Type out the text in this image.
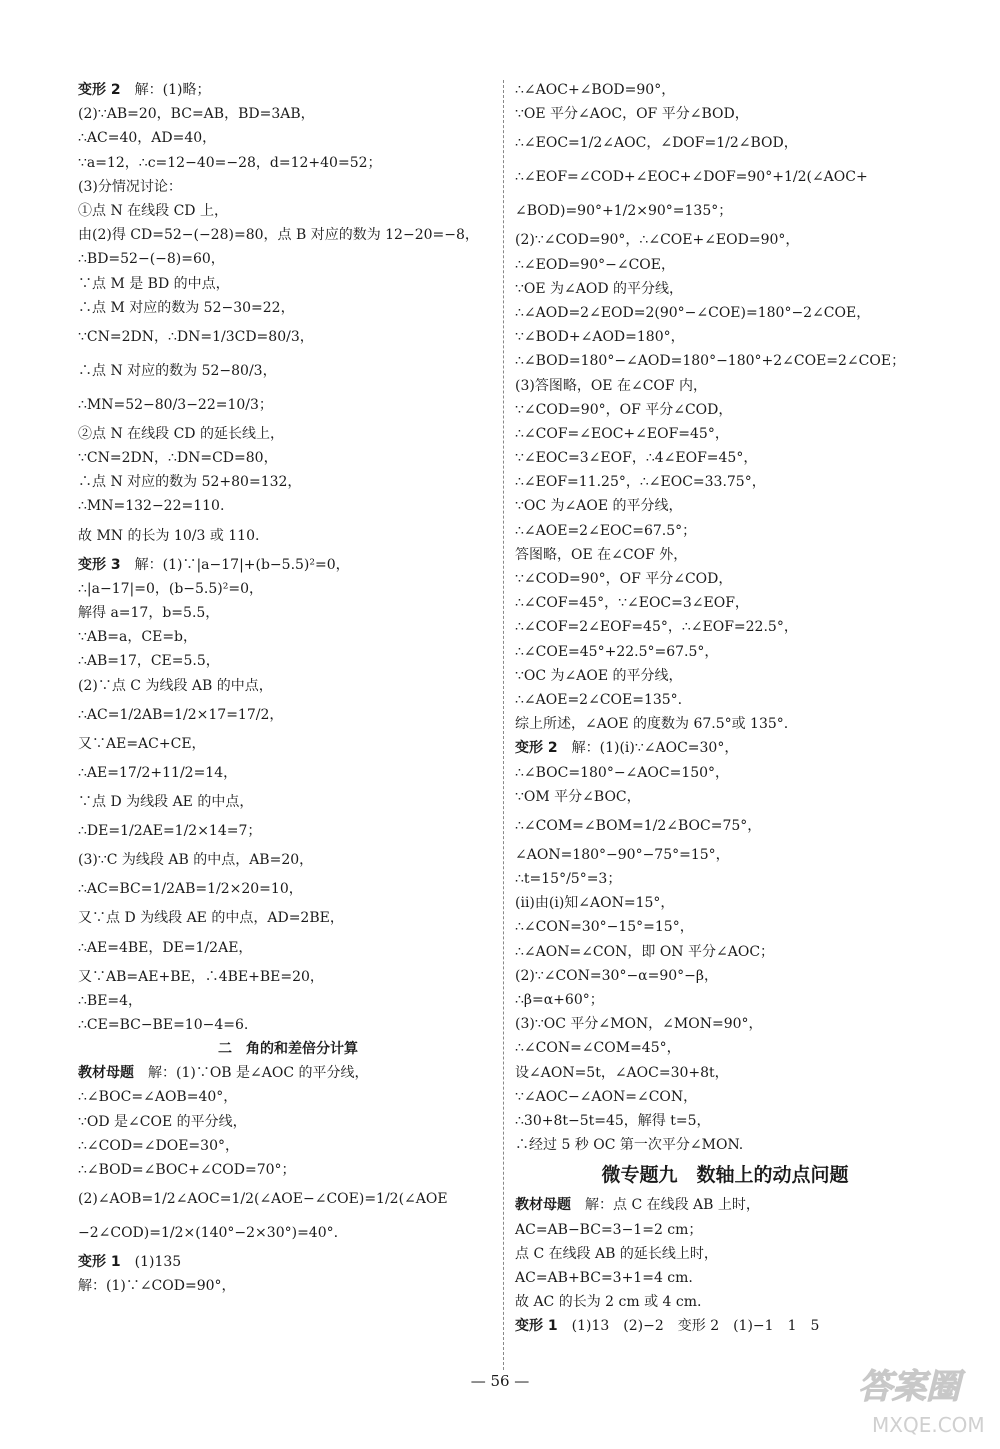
变形 2　解：(1)略；
(2)∵AB=20，BC=AB，BD=3AB，
∴AC=40，AD=40，
∵a=12，∴c=12−40=−28，d=12+40=52；
(3)分情况讨论：
①点 N 在线段 CD 上，
由(2)得 CD=52−(−28)=80，点 B 对应的数为 12−20=−8，
∴BD=52−(−8)=60，
∵点 M 是 BD 的中点，
∴点 M 对应的数为 52−30=22，
∵CN=2DN，∴DN=1/3CD=80/3，
∴点 N 对应的数为 52−80/3，
∴MN=52−80/3−22=10/3；
②点 N 在线段 CD 的延长线上，
∵CN=2DN，∴DN=CD=80，
∴点 N 对应的数为 52+80=132，
∴MN=132−22=110.
故 MN 的长为 10/3 或 110.
变形 3　解：(1)∵|a−17|+(b−5.5)²=0，
∴|a−17|=0，(b−5.5)²=0，
解得 a=17，b=5.5，
∵AB=a，CE=b，
∴AB=17，CE=5.5，
(2)∵点 C 为线段 AB 的中点，
∴AC=1/2AB=1/2×17=17/2，
又∵AE=AC+CE，
∴AE=17/2+11/2=14，
∵点 D 为线段 AE 的中点，
∴DE=1/2AE=1/2×14=7；
(3)∵C 为线段 AB 的中点，AB=20，
∴AC=BC=1/2AB=1/2×20=10，
又∵点 D 为线段 AE 的中点，AD=2BE，
∴AE=4BE，DE=1/2AE，
又∵AB=AE+BE，∴4BE+BE=20，
∴BE=4，
∴CE=BC−BE=10−4=6.
二　角的和差倍分计算
教材母题　解：(1)∵OB 是∠AOC 的平分线，
∴∠BOC=∠AOB=40°，
∵OD 是∠COE 的平分线，
∴∠COD=∠DOE=30°，
∴∠BOD=∠BOC+∠COD=70°；
(2)∠AOB=1/2∠AOC=1/2(∠AOE−∠COE)=1/2(∠AOE
−2∠COD)=1/2×(140°−2×30°)=40°.
变形 1　(1)135
解：(1)∵∠COD=90°，
∴∠AOC+∠BOD=90°，
∵OE 平分∠AOC，OF 平分∠BOD，
∴∠EOC=1/2∠AOC，∠DOF=1/2∠BOD，
∴∠EOF=∠COD+∠EOC+∠DOF=90°+1/2(∠AOC+
∠BOD)=90°+1/2×90°=135°；
(2)∵∠COD=90°，∴∠COE+∠EOD=90°，
∴∠EOD=90°−∠COE，
∵OE 为∠AOD 的平分线，
∴∠AOD=2∠EOD=2(90°−∠COE)=180°−2∠COE，
∵∠BOD+∠AOD=180°，
∴∠BOD=180°−∠AOD=180°−180°+2∠COE=2∠COE；
(3)答图略，OE 在∠COF 内，
∵∠COD=90°，OF 平分∠COD，
∴∠COF=∠EOC+∠EOF=45°，
∵∠EOC=3∠EOF，∴4∠EOF=45°，
∴∠EOF=11.25°，∴∠EOC=33.75°，
∵OC 为∠AOE 的平分线，
∴∠AOE=2∠EOC=67.5°；
答图略，OE 在∠COF 外，
∵∠COD=90°，OF 平分∠COD，
∴∠COF=45°，∵∠EOC=3∠EOF，
∴∠COF=2∠EOF=45°，∴∠EOF=22.5°，
∴∠COE=45°+22.5°=67.5°，
∵OC 为∠AOE 的平分线，
∴∠AOE=2∠COE=135°.
综上所述，∠AOE 的度数为 67.5°或 135°.
变形 2　解：(1)(i)∵∠AOC=30°，
∴∠BOC=180°−∠AOC=150°，
∵OM 平分∠BOC，
∴∠COM=∠BOM=1/2∠BOC=75°，
∠AON=180°−90°−75°=15°，
∴t=15°/5°=3；
(ii)由(i)知∠AON=15°，
∴∠CON=30°−15°=15°，
∴∠AON=∠CON，即 ON 平分∠AOC；
(2)∵∠CON=30°−α=90°−β，
∴β=α+60°；
(3)∵OC 平分∠MON，∠MON=90°，
∴∠CON=∠COM=45°，
设∠AON=5t，∠AOC=30+8t，
∵∠AOC−∠AON=∠CON，
∴30+8t−5t=45，解得 t=5，
∴经过 5 秒 OC 第一次平分∠MON.
微专题九　数轴上的动点问题
教材母题　解：点 C 在线段 AB 上时，
AC=AB−BC=3−1=2 cm；
点 C 在线段 AB 的延长线上时，
AC=AB+BC=3+1=4 cm.
故 AC 的长为 2 cm 或 4 cm.
变形 1　(1)13　(2)−2　变形 2　(1)−1　1　5
— 56 —	答案圈
MXQE.COM
